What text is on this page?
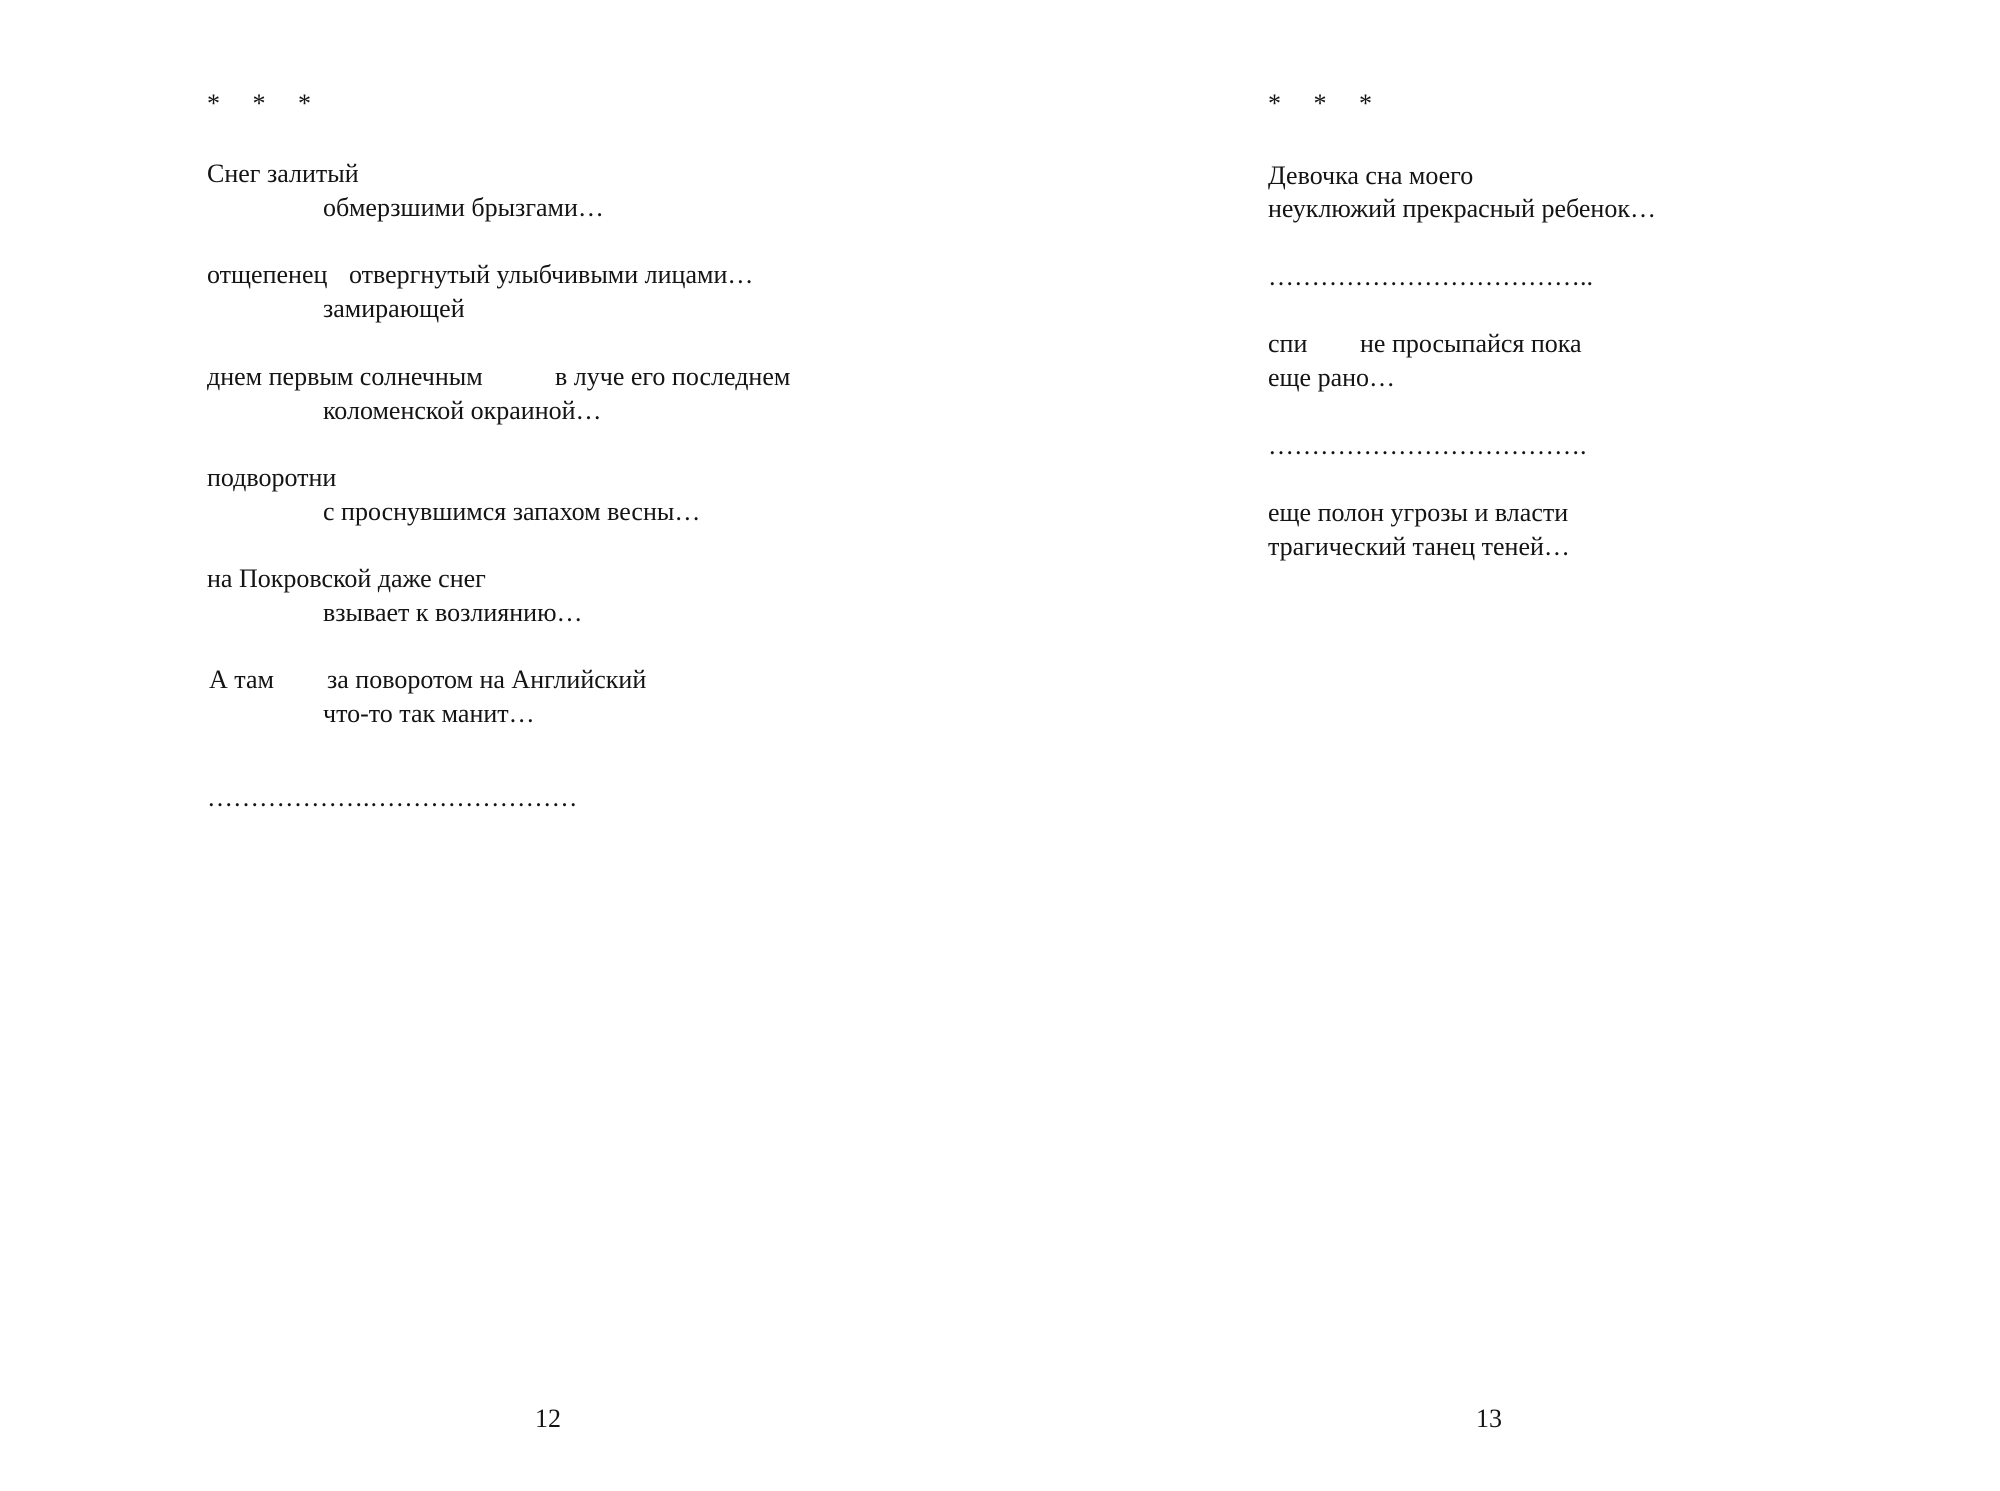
*     *     *
Снег залитый
обмерзшими брызгами…
отщепенец отвергнутый улыбчивыми лицами…
замирающей
днем первым солнечным	в луче его последнем
коломенской окраиной…
подворотни
с проснувшимся запахом весны…
на Покровской даже снег
взывает к возлиянию…
А там за поворотом на Английский
что-то так манит…
……………….……………………
12
*     *     *
Девочка сна моего
неуклюжий прекрасный ребенок…
………………………………..
спи не просыпайся пока
еще рано…
……………………………….
еще полон угрозы и власти
трагический танец теней…
13
